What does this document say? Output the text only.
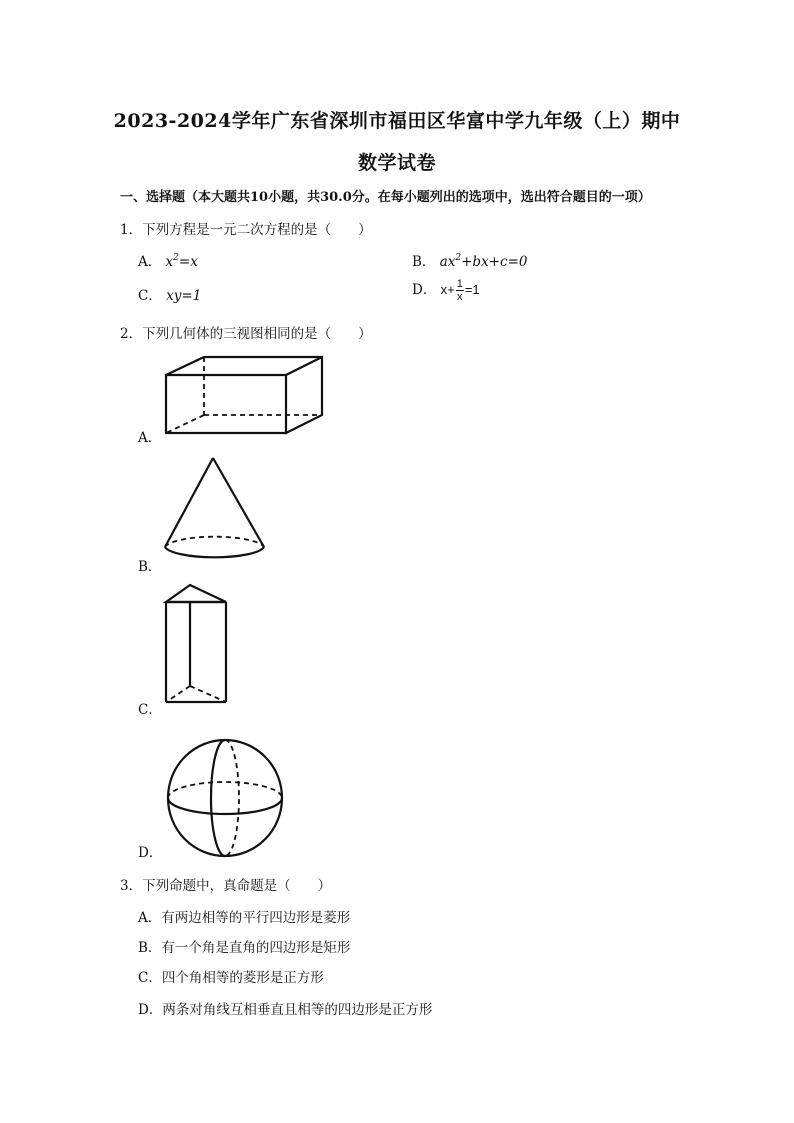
2023-2024学年广东省深圳市福田区华富中学九年级（上）期中
数学试卷
一、选择题（本大题共10小题，共30.0分。在每小题列出的选项中，选出符合题目的一项）
1．下列方程是一元二次方程的是（　　）
A． $x^2=x$	B． $ax^2+bx+c=0$
C． xy=1	D． $x+ \frac{1}{x} =1$
2．下列几何体的三视图相同的是（　　）
A．
B．
C．
D．
3．下列命题中，真命题是（　　）
A．有两边相等的平行四边形是菱形
B．有一个角是直角的四边形是矩形
C．四个角相等的菱形是正方形
D．两条对角线互相垂直且相等的四边形是正方形
